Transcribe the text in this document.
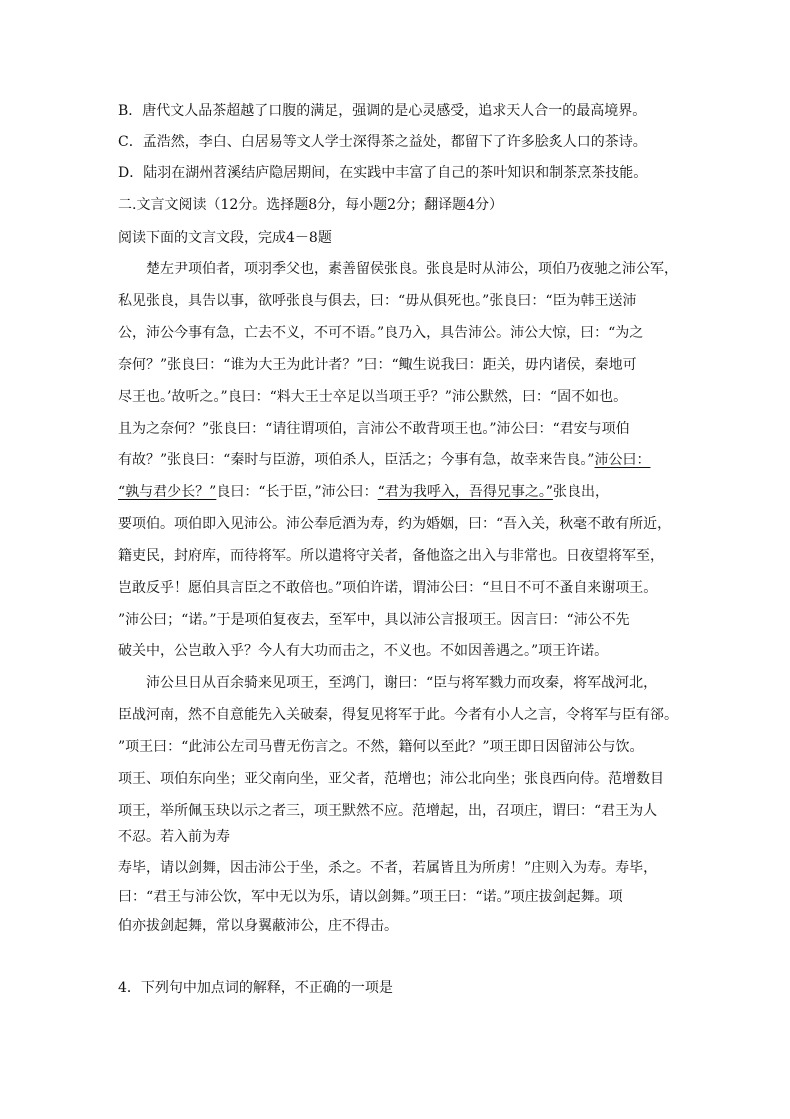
B．唐代文人品茶超越了口腹的满足，强调的是心灵感受，追求天人合一的最高境界。
C．孟浩然，李白、白居易等文人学士深得茶之益处，都留下了许多脍炙人口的茶诗。
D．陆羽在湖州苕溪结庐隐居期间，在实践中丰富了自己的茶叶知识和制茶烹茶技能。
二.文言文阅读（12分。选择题8分，每小题2分；翻译题4分）
阅读下面的文言文段，完成4－8题
楚左尹项伯者，项羽季父也，素善留侯张良。张良是时从沛公，项伯乃夜驰之沛公军，
私见张良，具告以事，欲呼张良与俱去，曰：“毋从俱死也。”张良曰：“臣为韩王送沛
公，沛公今事有急，亡去不义，不可不语。”良乃入，具告沛公。沛公大惊，曰：“为之
奈何？”张良曰：“谁为大王为此计者？”曰：“鲰生说我曰：距关，毋内诸侯，秦地可
尽王也。’故听之。”良曰：“料大王士卒足以当项王乎？”沛公默然，曰：“固不如也。
且为之奈何？”张良曰：“请往谓项伯，言沛公不敢背项王也。”沛公曰：“君安与项伯
有故？”张良曰：“秦时与臣游，项伯杀人，臣活之；今事有急，故幸来告良。”沛公曰：
“孰与君少长？”良曰：“长于臣，”沛公曰：“君为我呼入，吾得兄事之。”张良出，
要项伯。项伯即入见沛公。沛公奉卮酒为寿，约为婚姻，曰：“吾入关，秋毫不敢有所近，
籍吏民，封府库，而待将军。所以遣将守关者，备他盗之出入与非常也。日夜望将军至，
岂敢反乎！愿伯具言臣之不敢倍也。”项伯许诺，谓沛公曰：“旦日不可不蚤自来谢项王。
”沛公曰；“诺。”于是项伯复夜去，至军中，具以沛公言报项王。因言曰：“沛公不先
破关中，公岂敢入乎？今人有大功而击之，不义也。不如因善遇之。”项王许诺。
沛公旦日从百余骑来见项王，至鸿门，谢曰：“臣与将军戮力而攻秦，将军战河北，
臣战河南，然不自意能先入关破秦，得复见将军于此。今者有小人之言，令将军与臣有郤。
”项王曰：“此沛公左司马曹无伤言之。不然，籍何以至此？”项王即日因留沛公与饮。
项王、项伯东向坐；亚父南向坐，亚父者，范增也；沛公北向坐；张良西向侍。范增数目
项王，举所佩玉玦以示之者三，项王默然不应。范增起，出，召项庄，谓曰：“君王为人
不忍。若入前为寿
寿毕，请以剑舞，因击沛公于坐，杀之。不者，若属皆且为所虏！”庄则入为寿。寿毕，
曰：“君王与沛公饮，军中无以为乐，请以剑舞。”项王曰：“诺。”项庄拔剑起舞。项
伯亦拔剑起舞，常以身翼蔽沛公，庄不得击。
4．下列句中加点词的解释，不正确的一项是
